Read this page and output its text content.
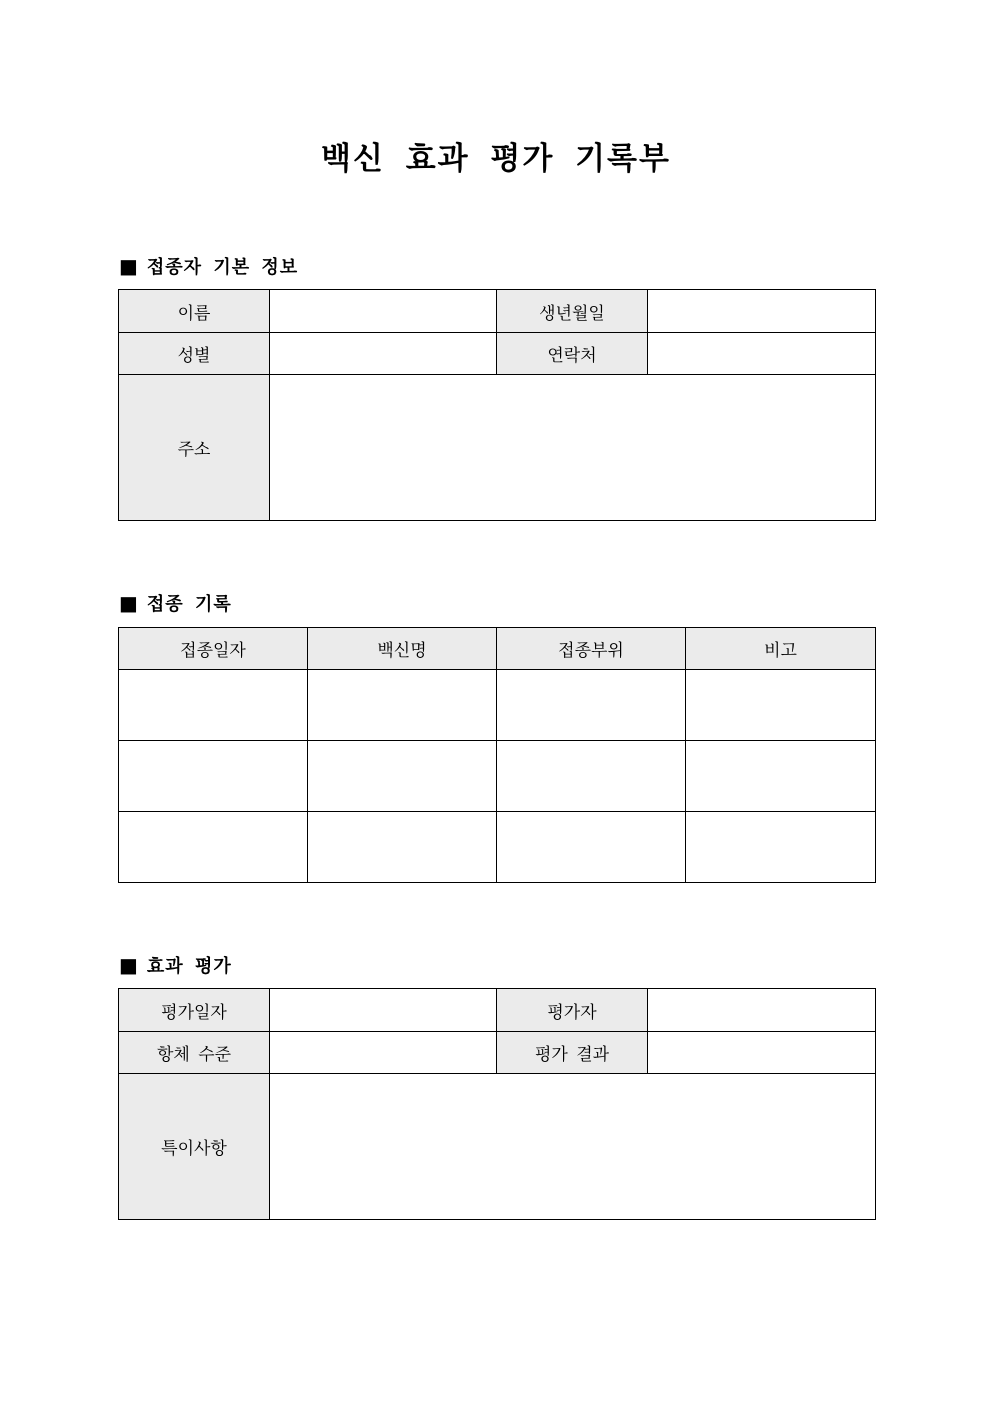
백신 효과 평가 기록부
■ 접종자 기본 정보
이름		생년월일	
성별		연락처	
주소			
■ 접종 기록
접종일자	백신명	접종부위	비고

■ 효과 평가
평가일자		평가자	
항체 수준		평가 결과	
특이사항			
